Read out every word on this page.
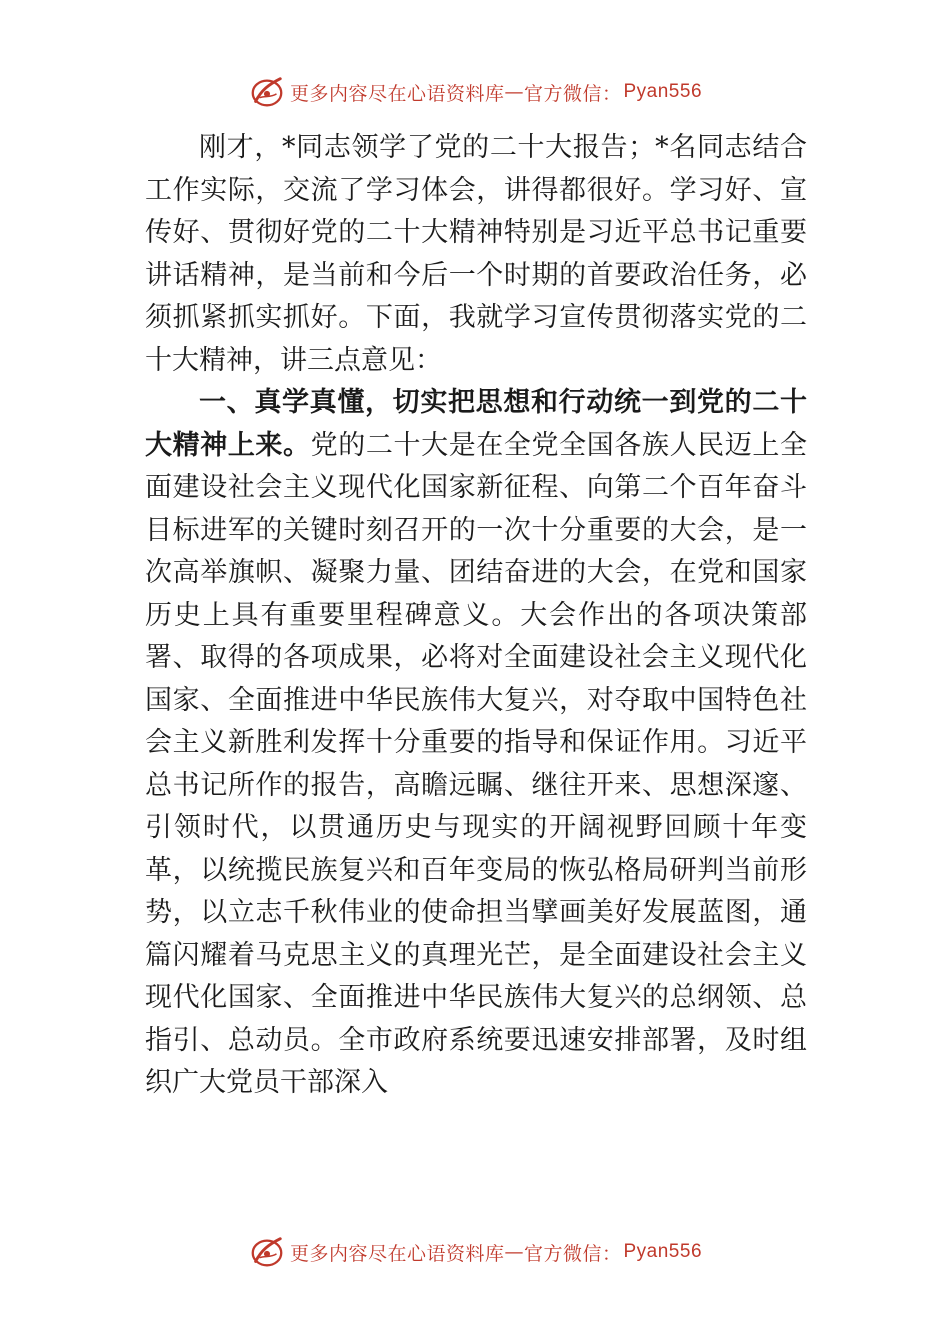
更多内容尽在心语资料库 — 官方微信： Pyan556

刚才，*同志领学了党的二十大报告；*名同志结合工作实际，交流了学习体会，讲得都很好。学习好、宣传好、贯彻好党的二十大精神特别是习近平总书记重要讲话精神，是当前和今后一个时期的首要政治任务，必须抓紧抓实抓好。下面，我就学习宣传贯彻落实党的二十大精神，讲三点意见：

一、真学真懂，切实把思想和行动统一到党的二十大精神上来。党的二十大是在全党全国各族人民迈上全面建设社会主义现代化国家新征程、向第二个百年奋斗目标进军的关键时刻召开的一次十分重要的大会，是一次高举旗帜、凝聚力量、团结奋进的大会，在党和国家历史上具有重要里程碑意义。大会作出的各项决策部署、取得的各项成果，必将对全面建设社会主义现代化国家、全面推进中华民族伟大复兴，对夺取中国特色社会主义新胜利发挥十分重要的指导和保证作用。习近平总书记所作的报告，高瞻远瞩、继往开来、思想深邃、引领时代，以贯通历史与现实的开阔视野回顾十年变革，以统揽民族复兴和百年变局的恢弘格局研判当前形势，以立志千秋伟业的使命担当擘画美好发展蓝图，通篇闪耀着马克思主义的真理光芒，是全面建设社会主义现代化国家、全面推进中华民族伟大复兴的总纲领、总指引、总动员。全市政府系统要迅速安排部署，及时组织广大党员干部深入

更多内容尽在心语资料库 — 官方微信： Pyan556
